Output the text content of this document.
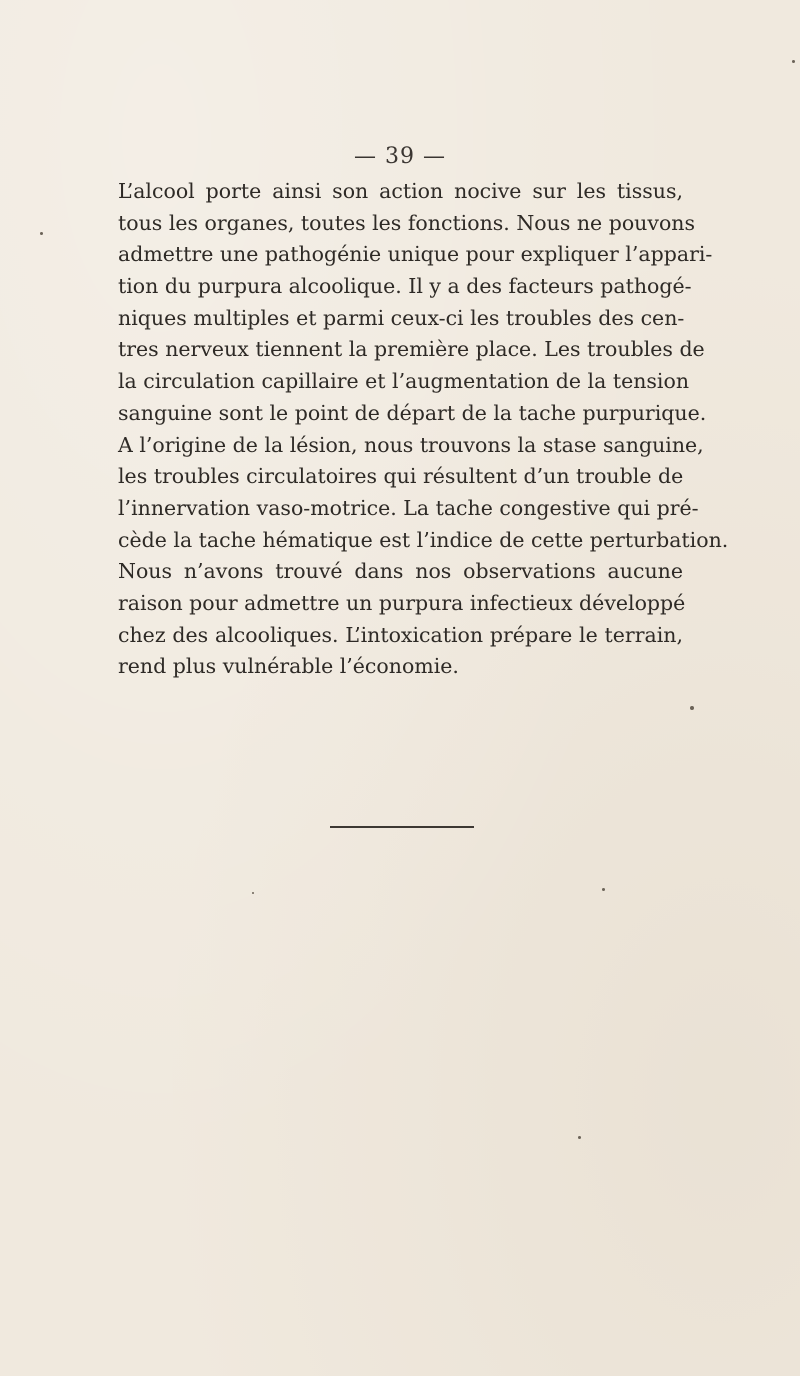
— 39 —
L’alcool porte ainsi son action nocive sur les tissus,
tous les organes, toutes les fonctions. Nous ne pouvons
admettre une pathogénie unique pour expliquer l’appari-
tion du purpura alcoolique. Il y a des facteurs pathogé-
niques multiples et parmi ceux-ci les troubles des cen-
tres nerveux tiennent la première place. Les troubles de
la circulation capillaire et l’augmentation de la tension
sanguine sont le point de départ de la tache purpurique.
A l’origine de la lésion, nous trouvons la stase sanguine,
les troubles circulatoires qui résultent d’un trouble de
l’innervation vaso-motrice. La tache congestive qui pré-
cède la tache hématique est l’indice de cette perturbation.
Nous n’avons trouvé dans nos observations aucune
raison pour admettre un purpura infectieux développé
chez des alcooliques. L’intoxication prépare le terrain,
rend plus vulnérable l’économie.
